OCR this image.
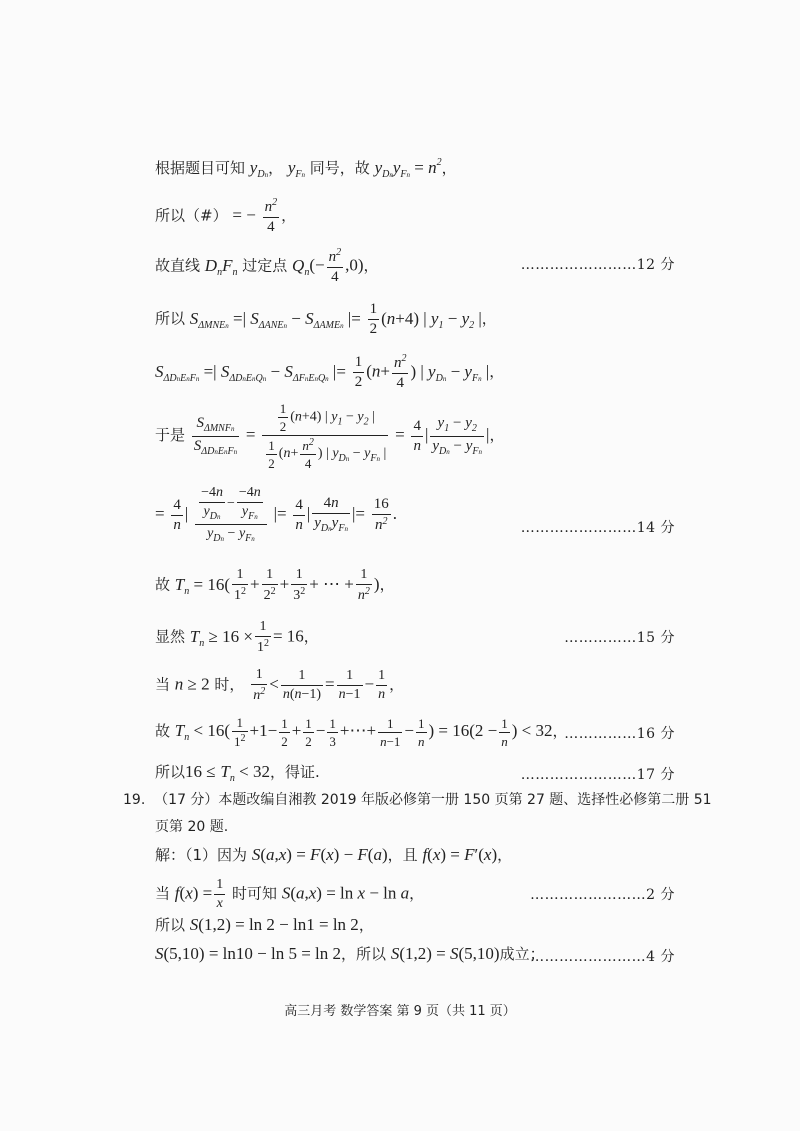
根据题目可知 $y_{Dn}$， $y_{Fn}$ 同号，故 $y_{Dn}y_{Fn} = n^2$，
所以（#） = − $\frac{n^2}{4}$ ，
故直线 $D_nF_n$ 过定点 $Q_n(- \frac{n^2}{4} ,0)$，	……………………12 分
所以 $S_{\Delta MNEn}$ =| $S_{\Delta ANEn} - S_{\Delta AMEn}$ |= $\frac{1}{2} (n+4)$ | $y_1 - y_2$ |，
$S_{\Delta DnEnFn}$ =| $S_{\Delta DnEnQn} - S_{\Delta FnEnQn}$ |= $\frac{1}{2} (n+ \frac{n^2}{4}$ ) | $y_{Dn} - y_{Fn}$ |，
于是 $\frac{S_{\Delta MNFn}}{S_{\Delta DnEnFn}} = \frac{\frac{1}{2} (n+4) | y_1 - y_2 |}{\frac{1}{2} (n+ \frac{n^2}{4} ) | y_{Dn} - y_{Fn} |} = \frac{4}{n}$ | $\frac{y_1 - y_2}{y_{Dn} - y_{Fn}}$ |，
= $\frac{4}{n}$ | $\frac{\frac{-4n}{y_{Dn}} - \frac{-4n}{y_{Fn}}}{y_{Dn} - y_{Fn}}$ |= $\frac{4}{n}$ | $\frac{4n}{y_{Dn}y_{Fn}}$ |= $\frac{16}{n^2}$ .
……………………14 分
故 $T_n = 16( \frac{1}{1^2} + \frac{1}{2^2} + \frac{1}{3^2}$ + ⋯ + $\frac{1}{n^2}$ )，
显然 $T_n \ge 16 \times \frac{1}{1^2} = 16$，	……………15 分
当 n ≥ 2 时， $\frac{1}{n^2} < \frac{1}{n(n-1)} = \frac{1}{n-1} - \frac{1}{n}$ ，
故 $T_n < 16( \frac{1}{1^2} +1- \frac{1}{2} + \frac{1}{2} - \frac{1}{3}$ +⋯+ $\frac{1}{n-1} - \frac{1}{n}$ ) = $16(2 - \frac{1}{n}$ ) < 32，
……………16 分
所以$16 \le T_n < 32$，得证.	……………………17 分
19. （17 分）本题改编自湘教 2019 年版必修第一册 150 页第 27 题、选择性必修第二册 51
页第 20 题.
解：（1）因为 S(a,x) = F(x) − F(a)，且 f(x) = F′(x)，
当 $f(x) = \frac{1}{x}$ 时可知 S(a,x) = ln x − ln a，	……………………2 分
所以 S(1,2) = ln 2 − ln1 = ln 2，
S(5,10) = ln10 − ln 5 = ln 2，所以 S(1,2) = S(5,10)成立；
……………………4 分
高三月考 数学答案 第 9 页（共 11 页）
